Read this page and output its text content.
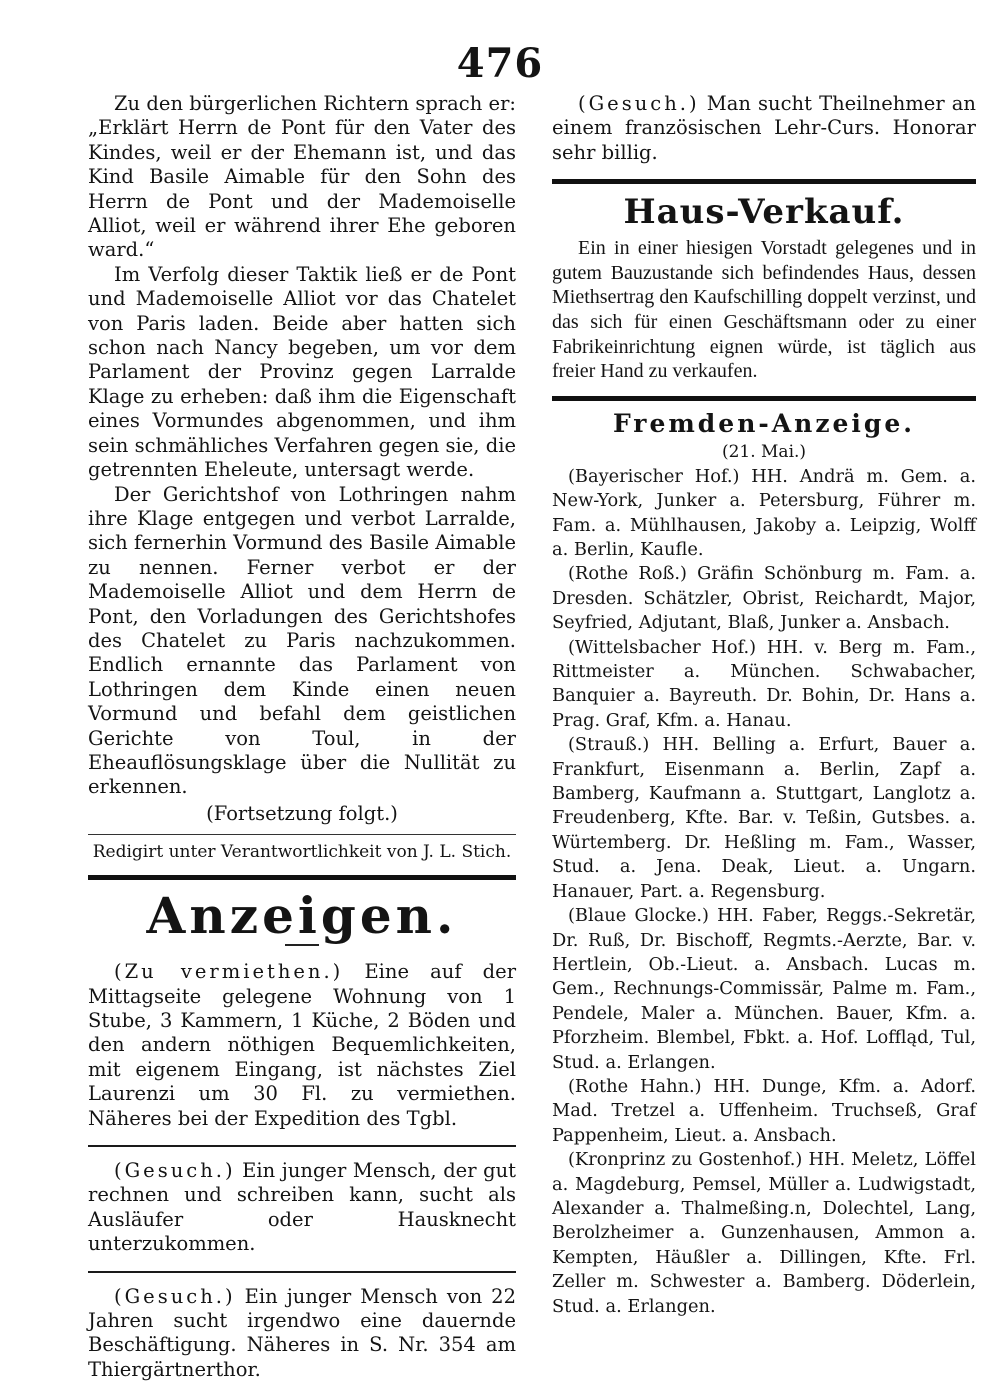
476

Zu den bürgerlichen Richtern sprach er: „Erklärt Herrn de Pont für den Vater des Kindes, weil er der Ehemann ist, und das Kind Basile Aimable für den Sohn des Herrn de Pont und der Mademoiselle Alliot, weil er während ihrer Ehe geboren ward.“

Im Verfolg dieser Taktik ließ er de Pont und Mademoiselle Alliot vor das Chatelet von Paris laden. Beide aber hatten sich schon nach Nancy begeben, um vor dem Parlament der Provinz gegen Larralde Klage zu erheben: daß ihm die Eigenschaft eines Vormundes abgenommen, und ihm sein schmähliches Verfahren gegen sie, die getrennten Eheleute, untersagt werde.

Der Gerichtshof von Lothringen nahm ihre Klage entgegen und verbot Larralde, sich fernerhin Vormund des Basile Aimable zu nennen. Ferner verbot er der Mademoiselle Alliot und dem Herrn de Pont, den Vorladungen des Gerichtshofes des Chatelet zu Paris nachzukommen. Endlich ernannte das Parlament von Lothringen dem Kinde einen neuen Vormund und befahl dem geistlichen Gerichte von Toul, in der Eheauflösungsklage über die Nullität zu erkennen.

(Fortsetzung folgt.)

Redigirt unter Verantwortlichkeit von J. L. Stich.

Anzeigen.

(Zu vermiethen.) Eine auf der Mittagseite gelegene Wohnung von 1 Stube, 3 Kammern, 1 Küche, 2 Böden und den andern nöthigen Bequemlichkeiten, mit eigenem Eingang, ist nächstes Ziel Laurenzi um 30 Fl. zu vermiethen. Näheres bei der Expedition des Tgbl.

(Gesuch.) Ein junger Mensch, der gut rechnen und schreiben kann, sucht als Ausläufer oder Hausknecht unterzukommen.

(Gesuch.) Ein junger Mensch von 22 Jahren sucht irgendwo eine dauernde Beschäftigung. Näheres in S. Nr. 354 am Thiergärtnerthor.

(Gesuch.) Man sucht Theilnehmer an einem französischen Lehr-Curs. Honorar sehr billig.

Haus-Verkauf.

Ein in einer hiesigen Vorstadt gelegenes und in gutem Bauzustande sich befindendes Haus, dessen Miethsertrag den Kaufschilling doppelt verzinst, und das sich für einen Geschäftsmann oder zu einer Fabrikeinrichtung eignen würde, ist täglich aus freier Hand zu verkaufen.

Fremden-Anzeige.
(21. Mai.)

(Bayerischer Hof.) HH. Andrä m. Gem. a. New-York, Junker a. Petersburg, Führer m. Fam. a. Mühlhausen, Jakoby a. Leipzig, Wolff a. Berlin, Kaufle.

(Rothe Roß.) Gräfin Schönburg m. Fam. a. Dresden. Schätzler, Obrist, Reichardt, Major, Seyfried, Adjutant, Blaß, Junker a. Ansbach.

(Wittelsbacher Hof.) HH. v. Berg m. Fam., Rittmeister a. München. Schwabacher, Banquier a. Bayreuth. Dr. Bohin, Dr. Hans a. Prag. Graf, Kfm. a. Hanau.

(Strauß.) HH. Belling a. Erfurt, Bauer a. Frankfurt, Eisenmann a. Berlin, Zapf a. Bamberg, Kaufmann a. Stuttgart, Langlotz a. Freudenberg, Kfte. Bar. v. Teßin, Gutsbes. a. Würtemberg. Dr. Heßling m. Fam., Wasser, Stud. a. Jena. Deak, Lieut. a. Ungarn. Hanauer, Part. a. Regensburg.

(Blaue Glocke.) HH. Faber, Reggs.-Sekretär, Dr. Ruß, Dr. Bischoff, Regmts.-Aerzte, Bar. v. Hertlein, Ob.-Lieut. a. Ansbach. Lucas m. Gem., Rechnungs-Commissär, Palme m. Fam., Pendele, Maler a. München. Bauer, Kfm. a. Pforzheim. Blembel, Fbkt. a. Hof. Loffląd, Tul, Stud. a. Erlangen.

(Rothe Hahn.) HH. Dunge, Kfm. a. Adorf. Mad. Tretzel a. Uffenheim. Truchseß, Graf Pappenheim, Lieut. a. Ansbach.

(Kronprinz zu Gostenhof.) HH. Meletz, Löffel a. Magdeburg, Pemsel, Müller a. Ludwigstadt, Alexander a. Thalmeßing.n, Dolechtel, Lang, Berolzheimer a. Gunzenhausen, Ammon a. Kempten, Häußler a. Dillingen, Kfte. Frl. Zeller m. Schwester a. Bamberg. Döderlein, Stud. a. Erlangen.
